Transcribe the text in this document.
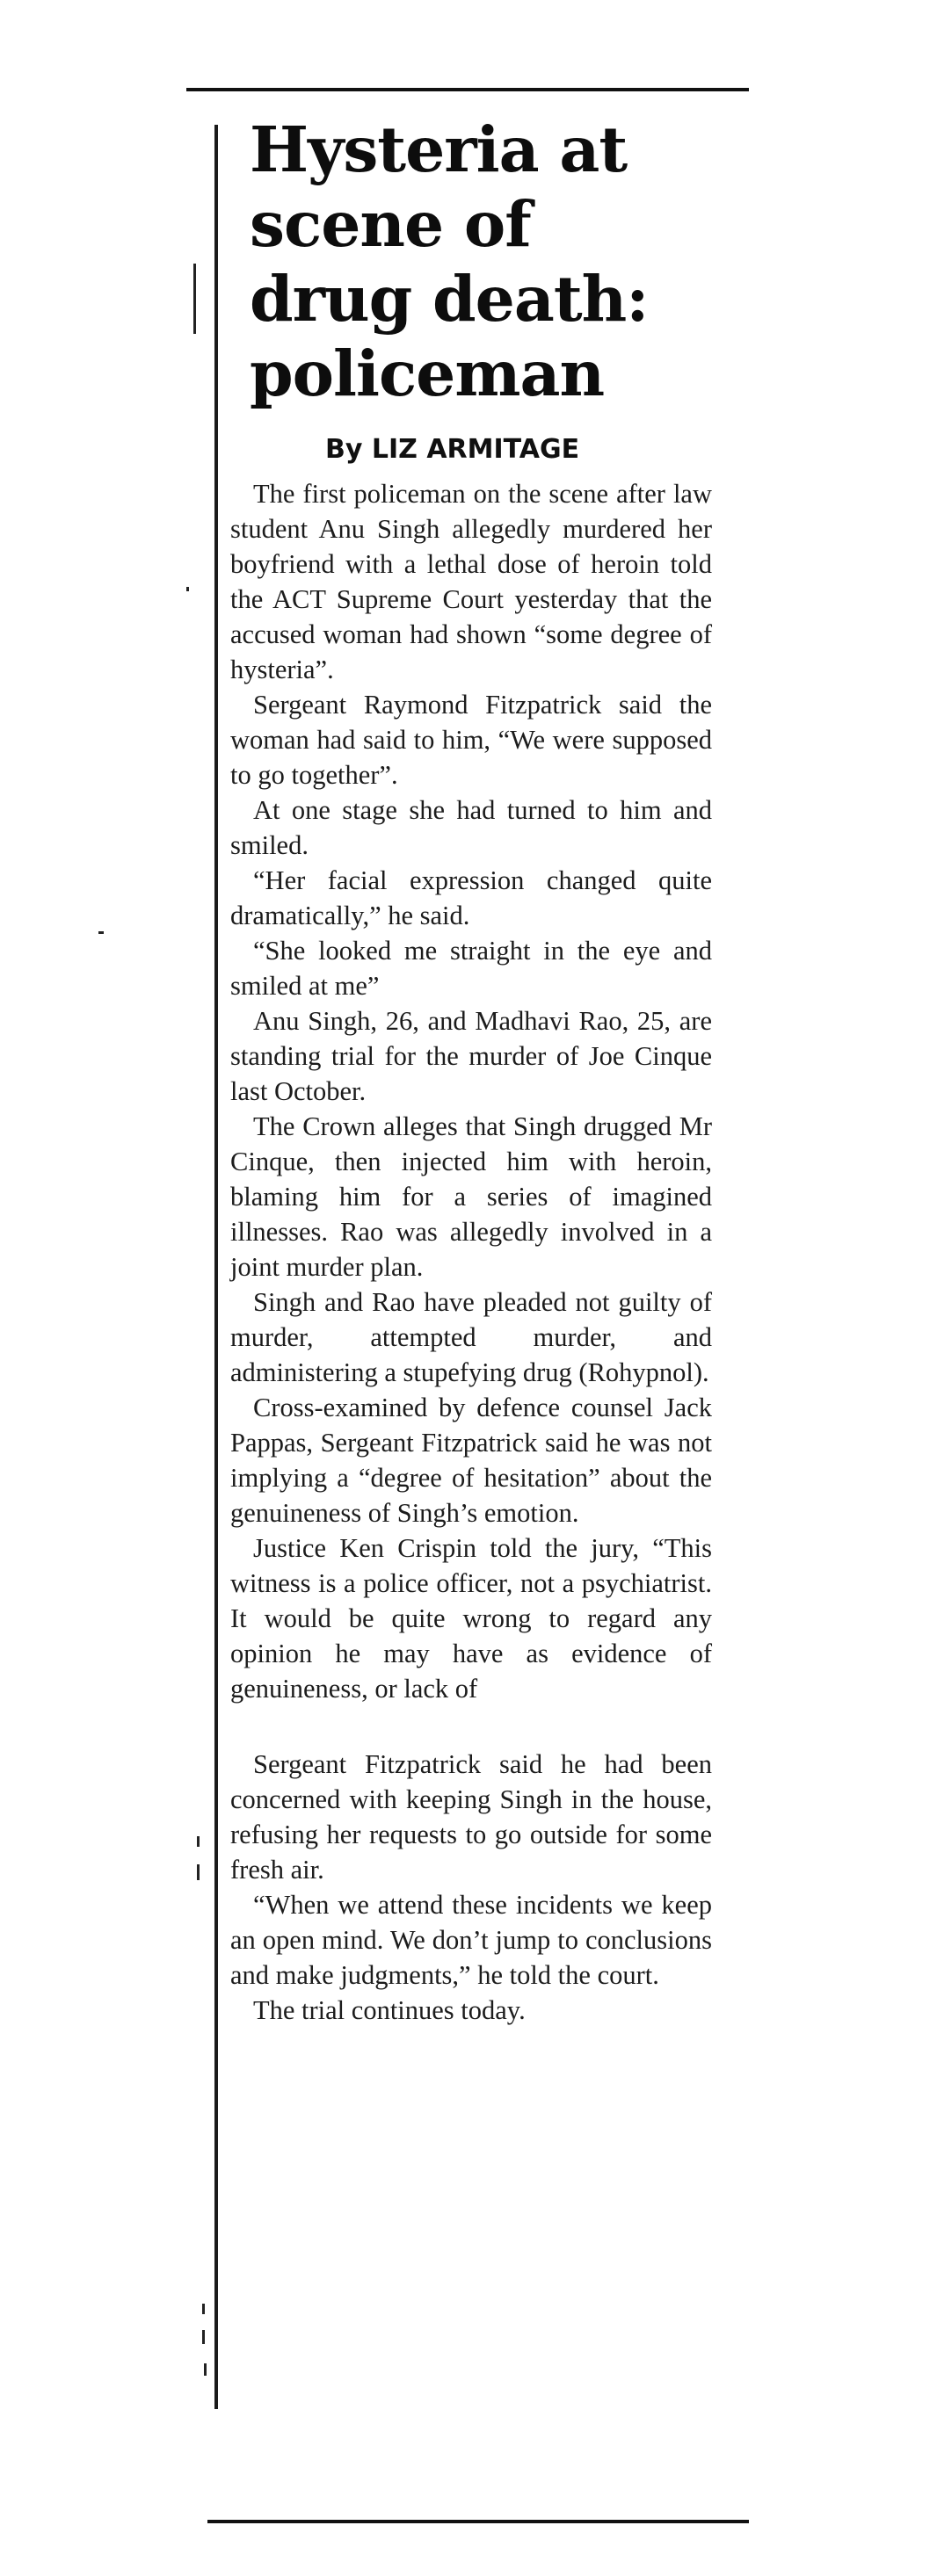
Hysteria at scene of drug death: policeman
By LIZ ARMITAGE

The first policeman on the scene after law student Anu Singh allegedly murdered her boyfriend with a lethal dose of heroin told the ACT Supreme Court yesterday that the accused woman had shown “some degree of hysteria”.

Sergeant Raymond Fitzpatrick said the woman had said to him, “We were supposed to go together”.

At one stage she had turned to him and smiled.

“Her facial expression changed quite dramatically,” he said.

“She looked me straight in the eye and smiled at me”

Anu Singh, 26, and Madhavi Rao, 25, are standing trial for the murder of Joe Cinque last October.

The Crown alleges that Singh drugged Mr Cinque, then injected him with heroin, blaming him for a series of imagined illnesses. Rao was allegedly involved in a joint murder plan.

Singh and Rao have pleaded not guilty of murder, attempted murder, and administering a stupefying drug (Rohypnol).

Cross-examined by defence counsel Jack Pappas, Sergeant Fitzpatrick said he was not implying a “degree of hesitation” about the genuineness of Singh’s emotion.

Justice Ken Crispin told the jury, “This witness is a police officer, not a psychiatrist. It would be quite wrong to regard any opinion he may have as evidence of genuineness, or lack of

Sergeant Fitzpatrick said he had been concerned with keeping Singh in the house, refusing her requests to go outside for some fresh air.

“When we attend these incidents we keep an open mind. We don’t jump to conclusions and make judgments,” he told the court.

The trial continues today.
